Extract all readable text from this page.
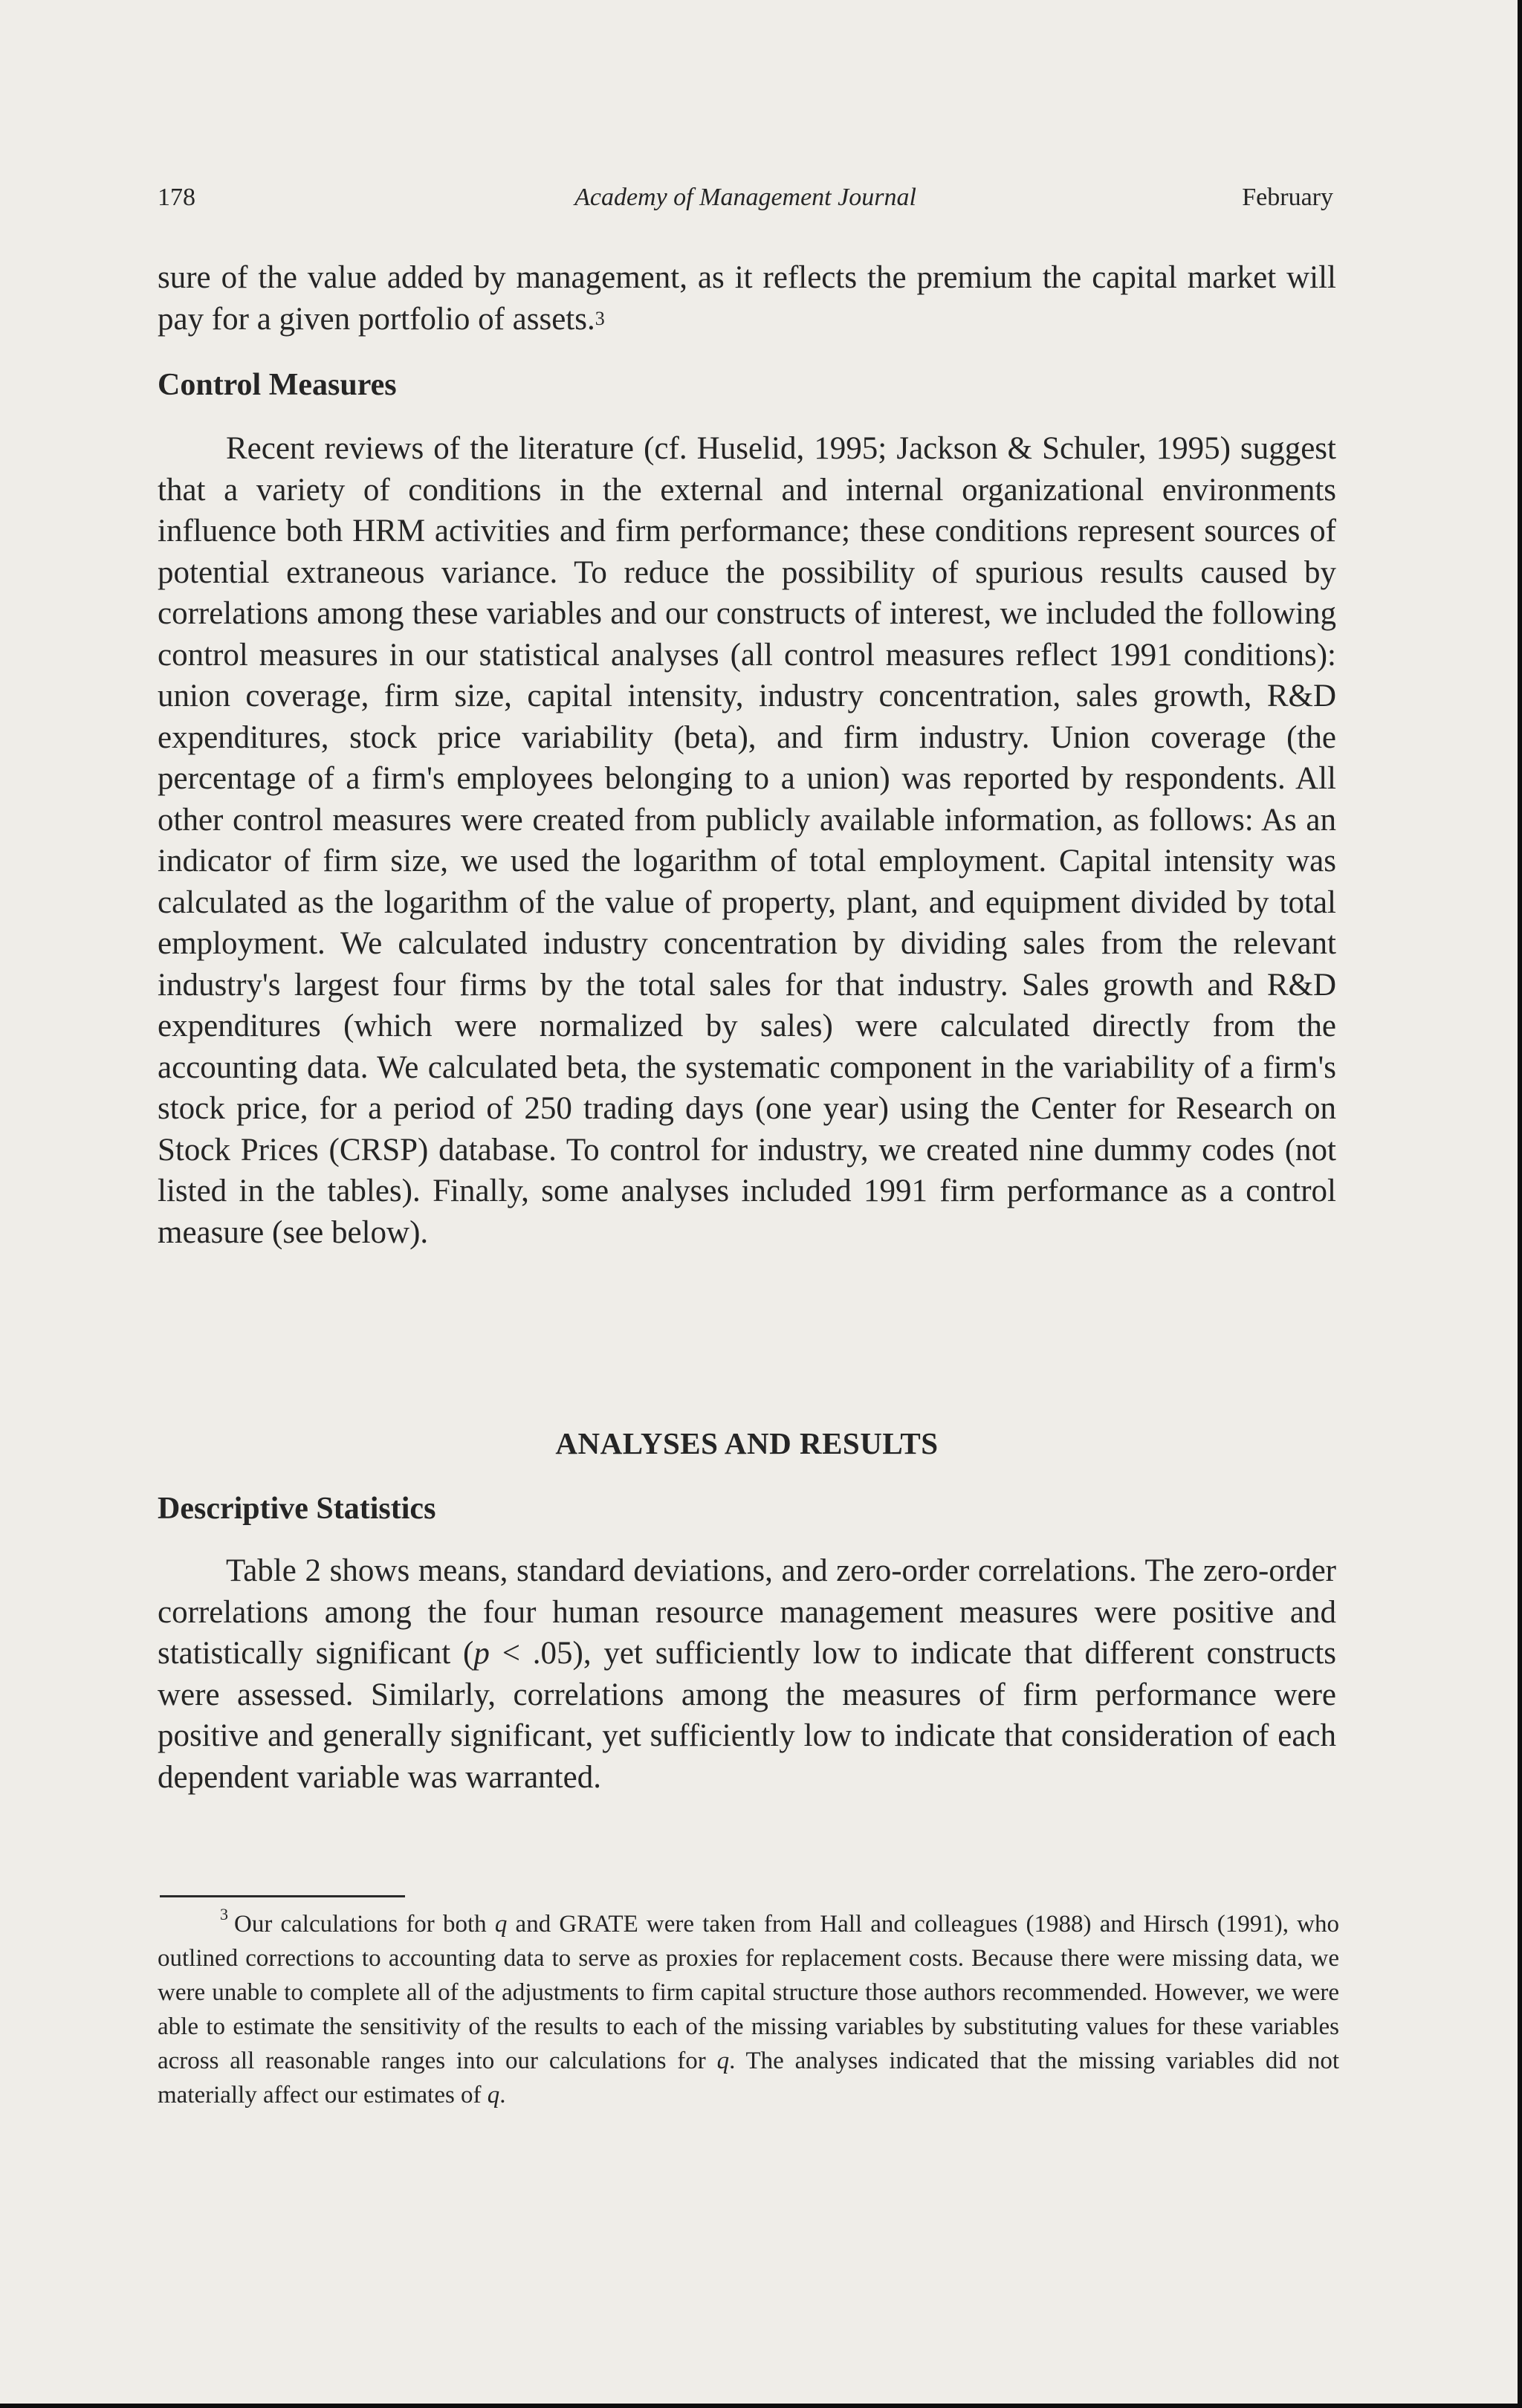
Academy of Management Journal
178	February

sure of the value added by management, as it reflects the premium the capital market will pay for a given portfolio of assets.$^3$

Control Measures

Recent reviews of the literature (cf. Huselid, 1995; Jackson & Schuler, 1995) suggest that a variety of conditions in the external and internal organizational environments influence both HRM activities and firm performance; these conditions represent sources of potential extraneous variance. To reduce the possibility of spurious results caused by correlations among these variables and our constructs of interest, we included the following control measures in our statistical analyses (all control measures reflect 1991 conditions): union coverage, firm size, capital intensity, industry concentration, sales growth, R&D expenditures, stock price variability (beta), and firm industry. Union coverage (the percentage of a firm's employees belonging to a union) was reported by respondents. All other control measures were created from publicly available information, as follows: As an indicator of firm size, we used the logarithm of total employment. Capital intensity was calculated as the logarithm of the value of property, plant, and equipment divided by total employment. We calculated industry concentration by dividing sales from the relevant industry's largest four firms by the total sales for that industry. Sales growth and R&D expenditures (which were normalized by sales) were calculated directly from the accounting data. We calculated beta, the systematic component in the variability of a firm's stock price, for a period of 250 trading days (one year) using the Center for Research on Stock Prices (CRSP) database. To control for industry, we created nine dummy codes (not listed in the tables). Finally, some analyses included 1991 firm performance as a control measure (see below).

ANALYSES AND RESULTS
Descriptive Statistics

Table 2 shows means, standard deviations, and zero-order correlations. The zero-order correlations among the four human resource management measures were positive and statistically significant (p < .05), yet sufficiently low to indicate that different constructs were assessed. Similarly, correlations among the measures of firm performance were positive and generally significant, yet sufficiently low to indicate that consideration of each dependent variable was warranted.

$^3$ Our calculations for both q and GRATE were taken from Hall and colleagues (1988) and Hirsch (1991), who outlined corrections to accounting data to serve as proxies for replacement costs. Because there were missing data, we were unable to complete all of the adjustments to firm capital structure those authors recommended. However, we were able to estimate the sensitivity of the results to each of the missing variables by substituting values for these variables across all reasonable ranges into our calculations for q. The analyses indicated that the missing variables did not materially affect our estimates of q.
